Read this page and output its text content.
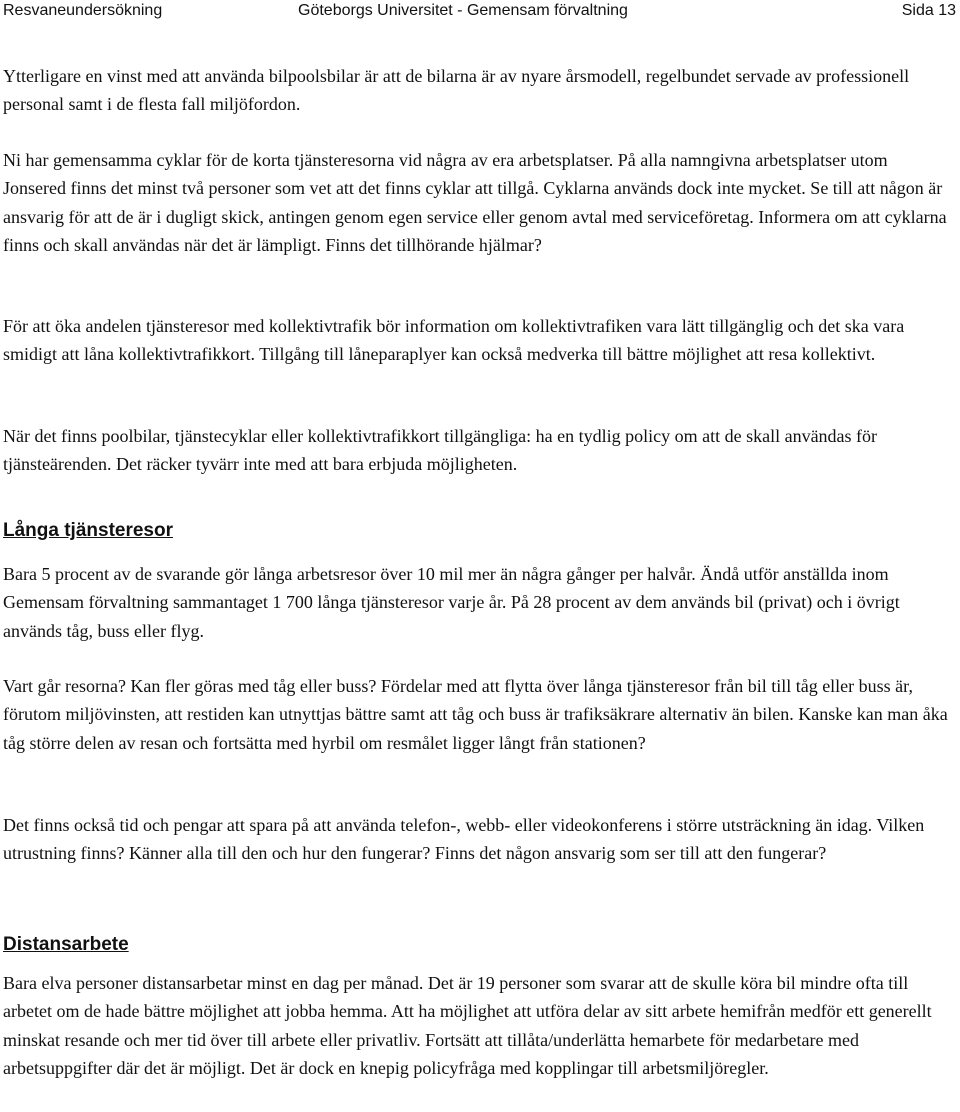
Resvaneundersökning	Göteborgs Universitet - Gemensam förvaltning	Sida 13

Ytterligare en vinst med att använda bilpoolsbilar är att de bilarna är av nyare årsmodell, regelbundet servade av professionell personal samt i de flesta fall miljöfordon.

Ni har gemensamma cyklar för de korta tjänsteresorna vid några av era arbetsplatser. På alla namngivna arbetsplatser utom Jonsered finns det minst två personer som vet att det finns cyklar att tillgå. Cyklarna används dock inte mycket. Se till att någon är ansvarig för att de är i dugligt skick, antingen genom egen service eller genom avtal med serviceföretag. Informera om att cyklarna finns och skall användas när det är lämpligt. Finns det tillhörande hjälmar?

För att öka andelen tjänsteresor med kollektivtrafik bör information om kollektivtrafiken vara lätt tillgänglig och det ska vara smidigt att låna kollektivtrafikkort. Tillgång till låneparaplyer kan också medverka till bättre möjlighet att resa kollektivt.

När det finns poolbilar, tjänstecyklar eller kollektivtrafikkort tillgängliga: ha en tydlig policy om att de skall användas för tjänsteärenden. Det räcker tyvärr inte med att bara erbjuda möjligheten.

Långa tjänsteresor

Bara 5 procent av de svarande gör långa arbetsresor över 10 mil mer än några gånger per halvår. Ändå utför anställda inom Gemensam förvaltning sammantaget 1 700 långa tjänsteresor varje år. På 28 procent av dem används bil (privat) och i övrigt används tåg, buss eller flyg.

Vart går resorna? Kan fler göras med tåg eller buss? Fördelar med att flytta över långa tjänsteresor från bil till tåg eller buss är, förutom miljövinsten, att restiden kan utnyttjas bättre samt att tåg och buss är trafiksäkrare alternativ än bilen. Kanske kan man åka tåg större delen av resan och fortsätta med hyrbil om resmålet ligger långt från stationen?

Det finns också tid och pengar att spara på att använda telefon-, webb- eller videokonferens i större utsträckning än idag. Vilken utrustning finns? Känner alla till den och hur den fungerar? Finns det någon ansvarig som ser till att den fungerar?

Distansarbete

Bara elva personer distansarbetar minst en dag per månad. Det är 19 personer som svarar att de skulle köra bil mindre ofta till arbetet om de hade bättre möjlighet att jobba hemma. Att ha möjlighet att utföra delar av sitt arbete hemifrån medför ett generellt minskat resande och mer tid över till arbete eller privatliv. Fortsätt att tillåta/underlätta hemarbete för medarbetare med arbetsuppgifter där det är möjligt. Det är dock en knepig policyfråga med kopplingar till arbetsmiljöregler.
